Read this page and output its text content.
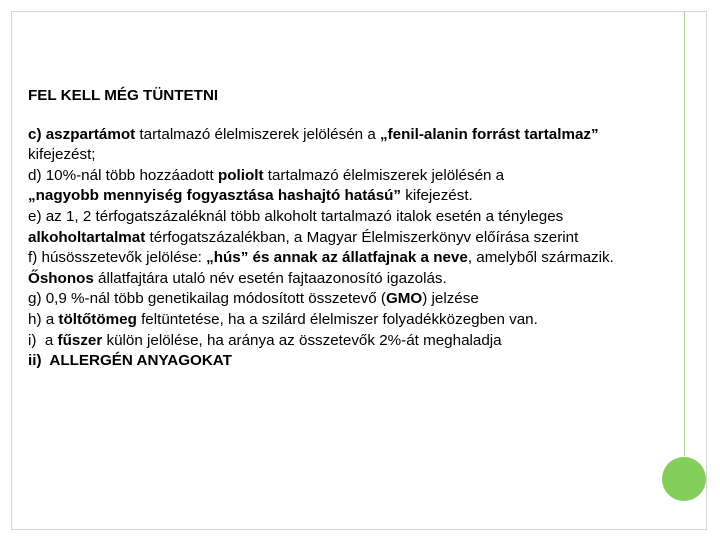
FEL KELL MÉG TÜNTETNI

c) aszpartámot tartalmazó élelmiszerek jelölésén a „fenil-alanin forrást tartalmaz” kifejezést;

d) 10%-nál több hozzáadott poliolt tartalmazó élelmiszerek jelölésén a
„nagyobb mennyiség fogyasztása hashajtó hatású” kifejezést.

e) az 1, 2 térfogatszázaléknál több alkoholt tartalmazó italok esetén a tényleges alkoholtartalmat térfogatszázalékban, a Magyar Élelmiszerkönyv előírása szerint

f) húsösszetevők jelölése: „hús” és annak az állatfajnak a neve, amelyből származik. Őshonos állatfajtára utaló név esetén fajtaazonosító igazolás.

g) 0,9 %-nál több genetikailag módosított összetevő (GMO) jelzése

h) a töltőtömeg feltüntetése, ha a szilárd élelmiszer folyadékközegben van.

i)  a fűszer külön jelölése, ha aránya az összetevők 2%-át meghaladja

ii)  ALLERGÉN ANYAGOKAT
